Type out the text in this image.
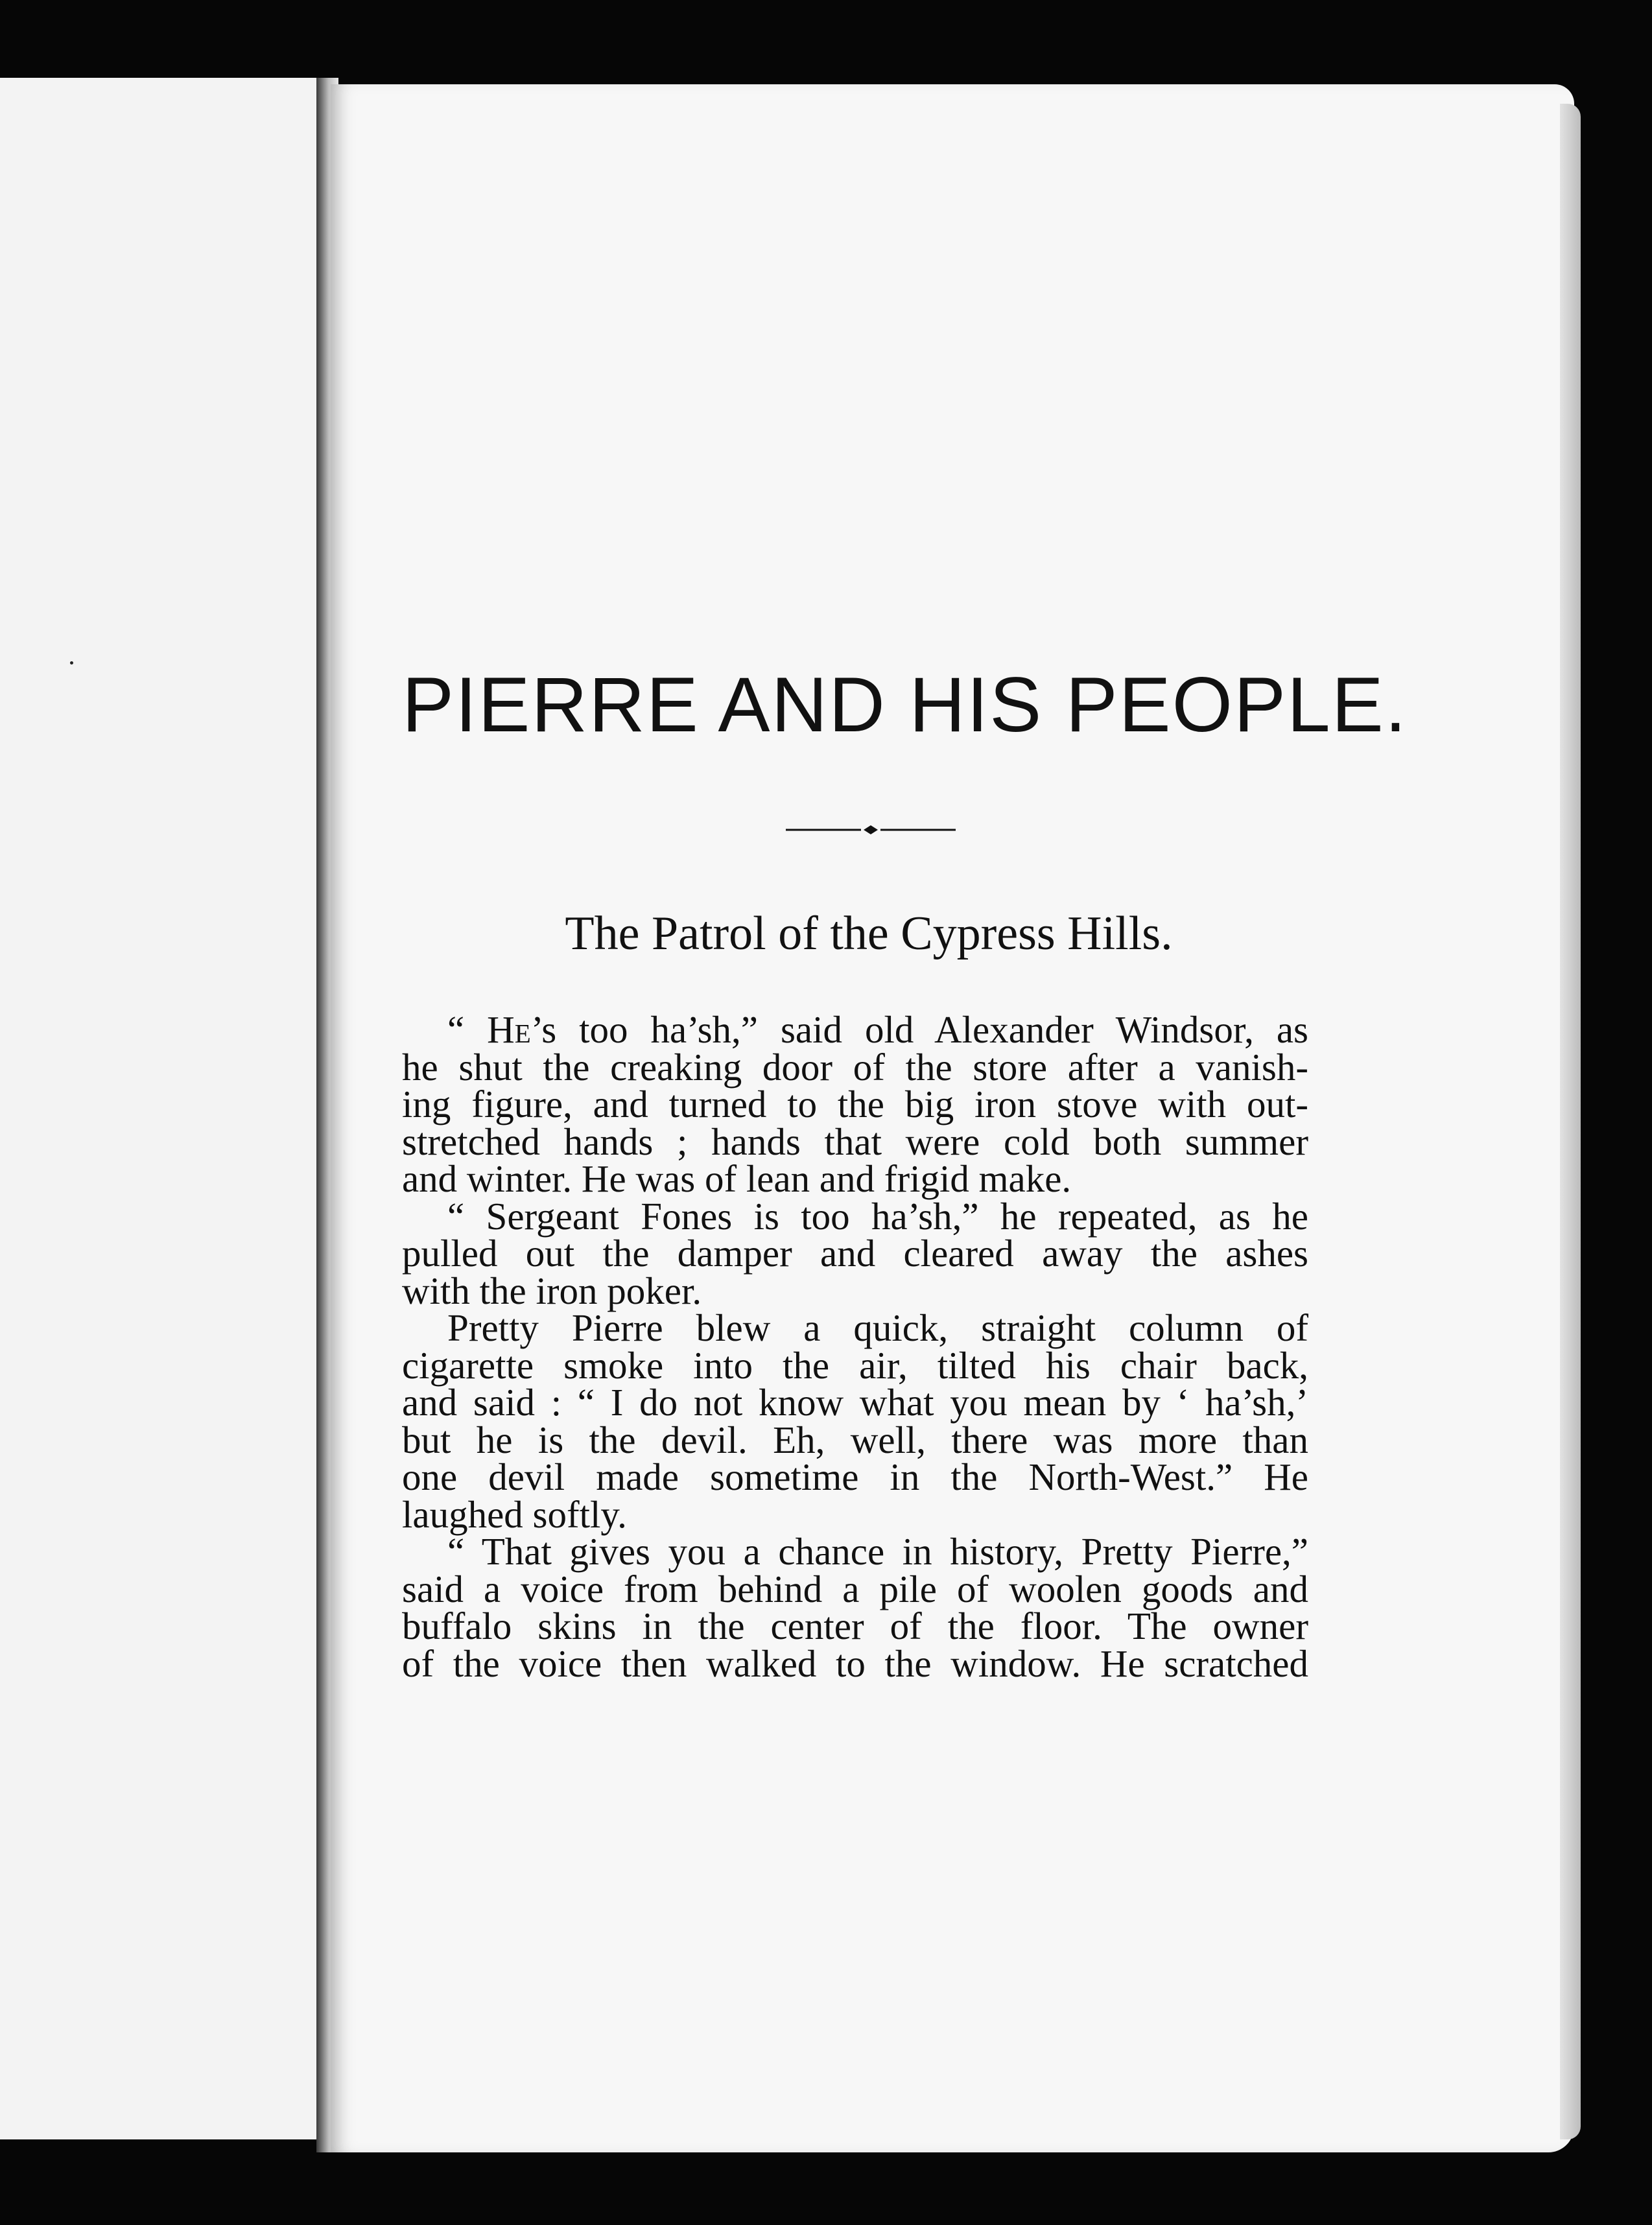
PIERRE AND HIS PEOPLE.
The Patrol of the Cypress Hills.
“ He’s too ha’sh,” said old Alexander Windsor, as
he shut the creaking door of the store after a vanish-
ing figure, and turned to the big iron stove with out-
stretched hands ; hands that were cold both summer
and winter. He was of lean and frigid make.
“ Sergeant Fones is too ha’sh,” he repeated, as he
pulled out the damper and cleared away the ashes
with the iron poker.
Pretty Pierre blew a quick, straight column of
cigarette smoke into the air, tilted his chair back,
and said : “ I do not know what you mean by ‘ ha’sh,’
but he is the devil. Eh, well, there was more than
one devil made sometime in the North-West.” He
laughed softly.
“ That gives you a chance in history, Pretty Pierre,”
said a voice from behind a pile of woolen goods and
buffalo skins in the center of the floor. The owner
of the voice then walked to the window. He scratched
